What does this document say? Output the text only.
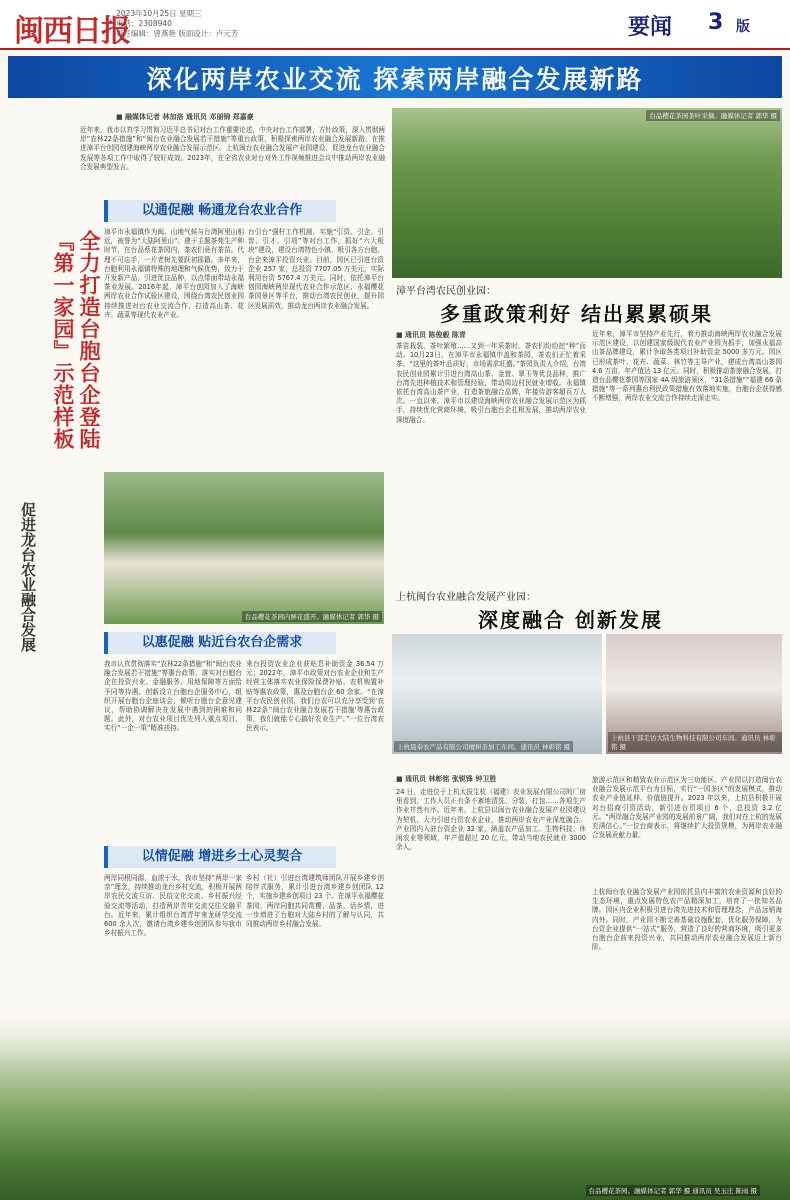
闽西日报
2023年10月25日 星期三
电话：2308940
责任编辑：曾燕艳 版面设计：卢元芳	要闻 3 版
深化两岸农业交流 探索两岸融合发展新路
■ 融媒体记者 林加洛 通讯员 邓丽锦 郑嘉豪
近年来，我市以真学习贯彻习近平总书记对台工作重要论述，中央对台工作部署，方针政策，深入贯彻两岸“农林22条措施”和“闽台农业融合发展若干措施”等重台政策，积极探索两岸农业融合发展新路，在推进漳平台创园创建海峡两岸农业融合发展示范区、上杭闽台农业融合发展产业园建设、促进龙台农业融合发展等各项工作中取得了较好成效。2023年，在全省农业对台对外工作视频推进会议中推动两岸农业融合发展典型发言。
全力打造台胞台企登陆『第一家园』示范样板
促进龙台农业融合发展
以通促融 畅通龙台农业合作
漳平市永福镇作为闽、山地气候与台湾阿里山相近，被誉为“大陆阿里山”。建于主题茶苑生产种时节，在台品蔡花茶园内，茶农们竟有茶苗。代理不可忘手，一片老树先要跃初摇籍。多年来，台胞利用永福镇特殊的地理和气候优势，致力于开发新产品，引进优良品种，以点带面带动永福茶业发展。2016年起，漳平台创园加入了海峡两岸农业合作试验区建设，围绕台湾农民创业园持续推进对台农业交流合作，打造高山茶、花卉、蔬菜等现代农业产业。
台引台“强杆工作机制，实施“引资、引企、引智、引才、引项”等对台工作，抓好“六大板块”建设，建设台湾特色小镇，吸引各方台胞、台企来漳平投资兴业。目前，园区已引进台资企业 257 家，总投资 7707.05 万美元，实际利用台资 5767.4 万美元。同时，依托漳平台创园海峡两岸现代农业合作示范区、永福樱花茶园景区等平台，推动台湾农民创业，提升园区发展质效，推动龙台两岸农业融合发展。
台品樱花茶园内鲜花盛开。融媒体记者 郭华 摄
以惠促融 贴近台农台企需求
我市认真贯彻落实“农林22条措施”和“闽台农业融合发展若干措施”等惠台政策，落实对台胞台企在投资兴业、金融服务、用地保障等方面给予同等待遇。创新设立台胞台企服务中心，组织开展台胞台企座谈会，倾听台胞台企意见建议，帮助协调解决在发展中遇到的困难和问题。此外，对台农业项目优先列入重点项目，实行“一企一策”精准扶持。
来台投资农业企业获贴息补助资金 36.54 万元；2022年，漳平市政策对台农业企业和生产经营主体落实农业保险保费补贴、农机购置补贴等惠农政策，惠及台胞台企 60 余家。“在漳平台农民创业园，我们台农可以充分享受到‘农林22条’‘闽台农业融合发展若干措施’等惠台政策，我们就能专心搞好农业生产。”一位台湾农民表示。
以情促融 增进乡土心灵契合
两岸同根同源，血浓于水。我市坚持“两岸一家亲”理念，持续推动龙台乡村交流，积极开展两岸农民交流互访、民俗文化交流、乡村振兴经验交流等活动，打造两岸青年交流交往交融平台。近年来，累计组织台湾青年来龙研学交流 600 余人次，邀请台湾乡建乡创团队参与我市乡村振兴工作。
乡村（社）引进台湾建筑师团队开展乡建乡创陪伴式服务，累计引进台湾乡建乡创团队 12 个，实施乡建乡创项目 23 个。在漳平永福樱花茶园，两岸同胞共同赏樱、品茶、话乡情，进一步增进了台胞对大陆乡村的了解与认同，共同推动两岸乡村融合发展。
台品樱花茶园茶叶采摘。融媒体记者 郭华 摄
漳平台湾农民创业园：
多重政策利好 结出累累硕果
■ 通讯员 陈俊毅 陈青
茶苗栽装，茶叶繁殖……又到一年采茶时，茶农们纷纷挖“种”而动。10月23日，在漳平市永福镇中盖和茶园，茶农们正忙着采茶。“这里的茶叶品质好，市场需求旺盛。”茶园负责人介绍，台湾农民创业园累计引进台湾高山茶、金萱、翠玉等优良品种，推广台湾先进种植技术和管理经验，带动周边村民就业增收。永福镇依托台湾高山茶产业，打造茶旅融合品牌，年接待游客超百万人次。一直以来，漳平市以建设海峡两岸农业融合发展示范区为抓手，持续优化营商环境，吸引台胞台企扎根发展，推动两岸农业深度融合。
近年来，漳平市坚持产业先行，着力推动海峡两岸农业融合发展示范区建设，以创建国家级现代农业产业园为抓手，加强永福高山茶品牌建设，累计争取各类项目补助资金 5000 多万元。园区已形成茶叶、花卉、蔬菜、林竹等主导产业，建成台湾高山茶园 4.6 万亩，年产值达 13 亿元。同时，积极推动茶旅融合发展，打造台品樱花茶园等国家 4A 级旅游景区，“31条措施”“福建 66 条措施”等一系列惠台利民政策措施有效落地实施，台胞台企获得感不断增强，两岸农业交流合作持续走深走实。
上杭闽台农业融合发展产业园：
深度融合 创新发展
上杭晨泰农产品有限公司檀树茶加工车间。通讯员 林彰铭 摄
上杭县干部走访大陆生物科技有限公司车间。通讯员 林彰铭 摄
■ 通讯员 林彰铭 张锐锋 钟卫胜
24 日，走进位于上杭太拔生杭（福建）农业发展有限公司的厂房里看到，工作人员正有条不紊地清洗、分装、打包……各项生产作业井然有序。近年来，上杭县以闽台农业融合发展产业园建设为契机，大力引进台资农业企业，推动两岸农业产业深度融合。产业园内入驻台资企业 32 家，涵盖农产品加工、生物科技、休闲农业等领域，年产值超过 20 亿元，带动当地农民就业 3000 余人。
旅游示范区和精致农业示范区为三功能区。产业园以打造闽台农业融合发展示范平台为目标，实行“一园多区”的发展模式，推动农业产业链延伸、价值链提升。2023 年以来，上杭县积极开展对台招商引资活动，新引进台资项目 6 个，总投资 3.2 亿元。“两岸融合发展产业园的发展前景广阔，我们对在上杭的发展充满信心。”一位台商表示，将继续扩大投资规模，为两岸农业融合发展贡献力量。
上杭闽台农业融合发展产业园依托县内丰富的农业资源和良好的生态环境，重点发展特色农产品精深加工，培育了一批知名品牌。园区内企业积极引进台湾先进技术和管理理念，产品远销海内外。同时，产业园不断完善基础设施配套，优化服务保障，为台资企业提供“一站式”服务，营造了良好的营商环境，吸引更多台胞台企前来投资兴业，共同推动两岸农业融合发展迈上新台阶。
台品樱花茶园。融媒体记者 郭华 摄 通讯员 吴玉庄 陈雨 摄
